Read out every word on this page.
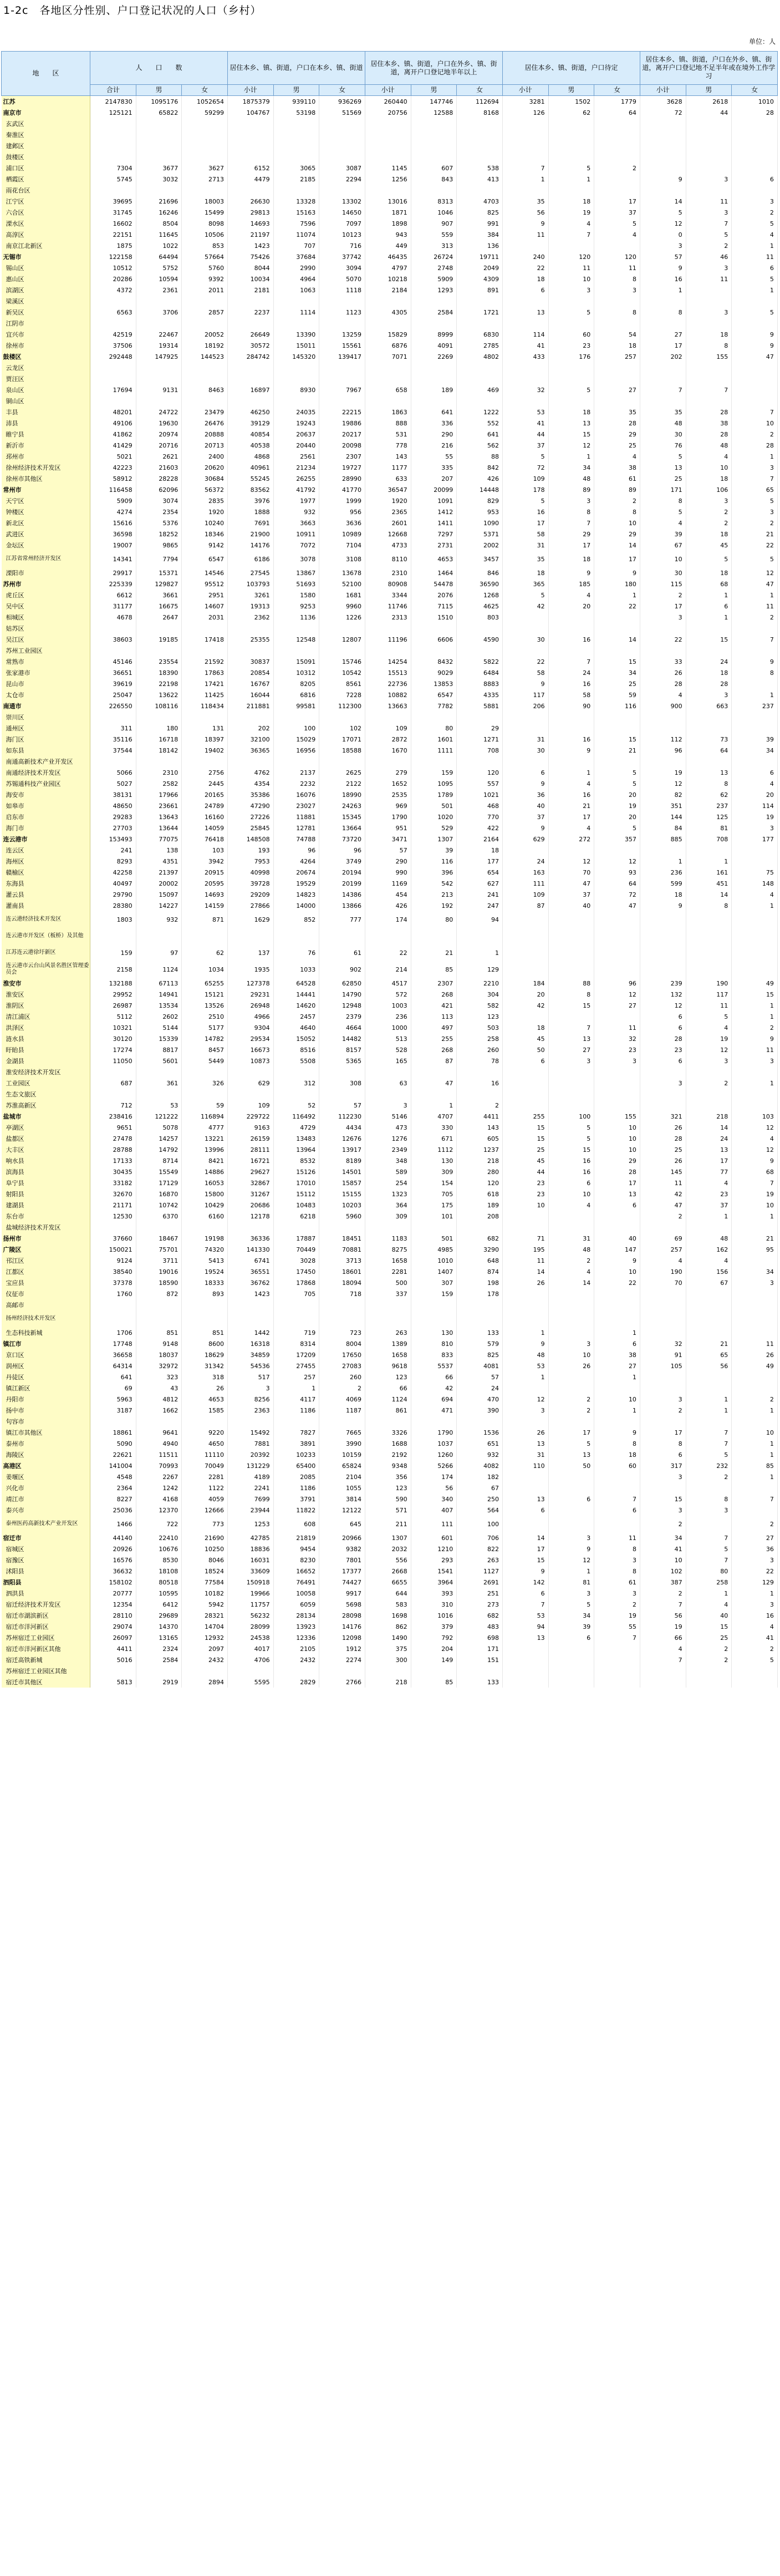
1-2c　各地区分性别、户口登记状况的人口（乡村）
单位：人
地　　区	人　　口　　数			居住本乡、镇、街道，户口在本乡、镇、街道			居住本乡、镇、街道，户口在外乡、镇、街道，离开户口登记地半年以上			居住本乡、镇、街道，户口待定			居住本乡、镇、街道，户口在外乡、镇、街道，离开户口登记地不足半年或在境外工作学习		

	合计	男	女	小计	男	女	小计	男	女	小计	男	女	小计	男	女
江苏	2147830	1095176	1052654	1875379	939110	936269	260440	147746	112694	3281	1502	1779	3628	2618	1010
南京市	125121	65822	59299	104767	53198	51569	20756	12588	8168	126	62	64	72	44	28
玄武区															
秦淮区															
建邺区															
鼓楼区															
浦口区	7304	3677	3627	6152	3065	3087	1145	607	538	7	5	2			
栖霞区	5745	3032	2713	4479	2185	2294	1256	843	413	1	1		9	3	6
雨花台区															
江宁区	39695	21696	18003	26630	13328	13302	13016	8313	4703	35	18	17	14	11	3
六合区	31745	16246	15499	29813	15163	14650	1871	1046	825	56	19	37	5	3	2
溧水区	16602	8504	8098	14693	7596	7097	1898	907	991	9	4	5	12	7	5
高淳区	22151	11645	10506	21197	11074	10123	943	559	384	11	7	4	0	5	4
南京江北新区	1875	1022	853	1423	707	716	449	313	136				3	2	1
无锡市	122158	64494	57664	75426	37684	37742	46435	26724	19711	240	120	120	57	46	11
锡山区	10512	5752	5760	8044	2990	3094	4797	2748	2049	22	11	11	9	3	6
惠山区	20286	10594	9392	10034	4964	5070	10218	5909	4309	18	10	8	16	11	5
滨湖区	4372	2361	2011	2181	1063	1118	2184	1293	891	6	3	3	1		1
梁溪区															
新吴区	6563	3706	2857	2237	1114	1123	4305	2584	1721	13	5	8	8	3	5
江阴市															
宜兴市	42519	22467	20052	26649	13390	13259	15829	8999	6830	114	60	54	27	18	9
徐州市	37506	19314	18192	30572	15011	15561	6876	4091	2785	41	23	18	17	8	9
鼓楼区	292448	147925	144523	284742	145320	139417	7071	2269	4802	433	176	257	202	155	47
云龙区															
贾汪区															
泉山区	17694	9131	8463	16897	8930	7967	658	189	469	32	5	27	7	7	
铜山区															
丰县	48201	24722	23479	46250	24035	22215	1863	641	1222	53	18	35	35	28	7
沛县	49106	19630	26476	39129	19243	19886	888	336	552	41	13	28	48	38	10
睢宁县	41862	20974	20888	40854	20637	20217	531	290	641	44	15	29	30	28	2
新沂市	41429	20716	20713	40538	20440	20098	778	216	562	37	12	25	76	48	28
邳州市	5021	2621	2400	4868	2561	2307	143	55	88	5	1	4	5	4	1
徐州经济技术开发区	42223	21603	20620	40961	21234	19727	1177	335	842	72	34	38	13	10	3
徐州市其他区	58912	28228	30684	55245	26255	28990	633	207	426	109	48	61	25	18	7
常州市	116458	62096	56372	83562	41792	41770	36547	20099	14448	178	89	89	171	106	65
天宁区	5909	3074	2835	3976	1977	1999	1920	1091	829	5	3	2	8	3	5
钟楼区	4274	2354	1920	1888	932	956	2365	1412	953	16	8	8	5	2	3
新北区	15616	5376	10240	7691	3663	3636	2601	1411	1090	17	7	10	4	2	2
武进区	36598	18252	18346	21900	10911	10989	12668	7297	5371	58	29	29	39	18	21
金坛区	19007	9865	9142	14176	7072	7104	4733	2731	2002	31	17	14	67	45	22
江苏省常州经济开发区	14341	7794	6547	6186	3078	3108	8110	4653	3457	35	18	17	10	5	5
溧阳市	29917	15371	14546	27545	13867	13678	2310	1464	846	18	9	9	30	18	12
苏州市	225339	129827	95512	103793	51693	52100	80908	54478	36590	365	185	180	115	68	47
虎丘区	6612	3661	2951	3261	1580	1681	3344	2076	1268	5	4	1	2	1	1
吴中区	31177	16675	14607	19313	9253	9960	11746	7115	4625	42	20	22	17	6	11
相城区	4678	2647	2031	2362	1136	1226	2313	1510	803				3	1	2
姑苏区															
吴江区	38603	19185	17418	25355	12548	12807	11196	6606	4590	30	16	14	22	15	7
苏州工业园区															
常熟市	45146	23554	21592	30837	15091	15746	14254	8432	5822	22	7	15	33	24	9
张家港市	36651	18390	17863	20854	10312	10542	15513	9029	6484	58	24	34	26	18	8
昆山市	39619	22198	17421	16767	8205	8561	22736	13853	8883	9	16	25	28	28	
太仓市	25047	13622	11425	16044	6816	7228	10882	6547	4335	117	58	59	4	3	1
南通市	226550	108116	118434	211881	99581	112300	13663	7782	5881	206	90	116	900	663	237
崇川区															
通州区	311	180	131	202	100	102	109	80	29						
海门区	35116	16718	18397	32100	15029	17071	2872	1601	1271	31	16	15	112	73	39
如东县	37544	18142	19402	36365	16956	18588	1670	1111	708	30	9	21	96	64	34
南通高新技术产业开发区															
南通经济技术开发区	5066	2310	2756	4762	2137	2625	279	159	120	6	1	5	19	13	6
苏锡通科技产业园区	5027	2582	2445	4354	2232	2122	1652	1095	557	9	4	5	12	8	4
海安市	38131	17966	20165	35386	16076	18990	2535	1789	1021	36	16	20	82	62	20
如皋市	48650	23661	24789	47290	23027	24263	969	501	468	40	21	19	351	237	114
启东市	29283	13643	16160	27226	11881	15345	1790	1020	770	37	17	20	144	125	19
海门市	27703	13644	14059	25845	12781	13664	951	529	422	9	4	5	84	81	3
连云港市	153493	77075	76418	148508	74788	73720	3471	1307	2164	629	272	357	885	708	177
连云区	241	138	103	193	96	96	57	39	18						
海州区	8293	4351	3942	7953	4264	3749	290	116	177	24	12	12	1	1	
赣榆区	42258	21397	20915	40998	20674	20194	990	396	654	163	70	93	236	161	75
东海县	40497	20002	20595	39728	19529	20199	1169	542	627	111	47	64	599	451	148
灌云县	29790	15097	14693	29209	14823	14386	454	213	241	109	37	72	18	14	4
灌南县	28380	14227	14159	27866	14000	13866	426	192	247	87	40	47	9	8	1
连云港经济技术开发区	1803	932	871	1629	852	777	174	80	94						
连云港市开发区（板桥）及其他															
江苏连云港徐圩新区	159	97	62	137	76	61	22	21	1						
连云港市云台山风景名胜区管理委员会	2158	1124	1034	1935	1033	902	214	85	129						
淮安市	132188	67113	65255	127378	64528	62850	4517	2307	2210	184	88	96	239	190	49
淮安区	29952	14941	15121	29231	14441	14790	572	268	304	20	8	12	132	117	15
淮阴区	26987	13534	13526	26948	14620	12948	1003	421	582	42	15	27	12	11	1
清江浦区	5112	2602	2510	4966	2457	2379	236	113	123				6	5	1
洪泽区	10321	5144	5177	9304	4640	4664	1000	497	503	18	7	11	6	4	2
涟水县	30120	15339	14782	29534	15052	14482	513	255	258	45	13	32	28	19	9
盱眙县	17274	8817	8457	16673	8516	8157	528	268	260	50	27	23	23	12	11
金湖县	11050	5601	5449	10873	5508	5365	165	87	78	6	3	3	6	3	3
淮安经济技术开发区															
工业园区	687	361	326	629	312	308	63	47	16				3	2	1
生态文旅区															
苏淮高新区	712	53	59	109	52	57	3	1	2						
盐城市	238416	121222	116894	229722	116492	112230	5146	4707	4411	255	100	155	321	218	103
亭湖区	9651	5078	4777	9163	4729	4434	473	330	143	15	5	10	26	14	12
盐都区	27478	14257	13221	26159	13483	12676	1276	671	605	15	5	10	28	24	4
大丰区	28788	14792	13996	28111	13964	13917	2349	1112	1237	25	15	10	25	13	12
响水县	17133	8714	8421	16721	8532	8189	348	130	218	45	16	29	26	17	9
滨海县	30435	15549	14886	29627	15126	14501	589	309	280	44	16	28	145	77	68
阜宁县	33182	17129	16053	32867	17010	15857	254	154	120	23	6	17	11	4	7
射阳县	32670	16870	15800	31267	15112	15155	1323	705	618	23	10	13	42	23	19
建湖县	21171	10742	10429	20686	10483	10203	364	175	189	10	4	6	47	37	10
东台市	12530	6370	6160	12178	6218	5960	309	101	208				2	1	1
盐城经济技术开发区															
扬州市	37660	18467	19198	36336	17887	18451	1183	501	682	71	31	40	69	48	21
广陵区	150021	75701	74320	141330	70449	70881	8275	4985	3290	195	48	147	257	162	95
邗江区	9124	3711	5413	6741	3028	3713	1658	1010	648	11	2	9	4	4	
江都区	38540	19016	19524	36551	17450	18601	2281	1407	874	14	4	10	190	156	34
宝应县	37378	18590	18333	36762	17868	18094	500	307	198	26	14	22	70	67	3
仪征市	1760	872	893	1423	705	718	337	159	178						
高邮市															
扬州经济技术开发区															
生态科技新城	1706	851	851	1442	719	723	263	130	133	1		1			
镇江市	17748	9148	8600	16318	8314	8004	1389	810	579	9	3	6	32	21	11
京口区	36658	18037	18629	34859	17209	17650	1658	833	825	48	10	38	91	65	26
润州区	64314	32972	31342	54536	27455	27083	9618	5537	4081	53	26	27	105	56	49
丹徒区	641	323	318	517	257	260	123	66	57	1		1			
镇江新区	69	43	26	3	1	2	66	42	24						
丹阳市	5963	4812	4653	8256	4117	4069	1124	694	470	12	2	10	3	1	2
扬中市	3187	1662	1585	2363	1186	1187	861	471	390	3	2	1	2	1	1
句容市															
镇江市其他区	18861	9641	9220	15492	7827	7665	3326	1790	1536	26	17	9	17	7	10
泰州市	5090	4940	4650	7881	3891	3990	1688	1037	651	13	5	8	8	7	1
海陵区	22621	11511	11110	20392	10233	10159	2192	1260	932	31	13	18	6	5	1
高港区	141004	70993	70049	131229	65400	65824	9348	5266	4082	110	50	60	317	232	85
姜堰区	4548	2267	2281	4189	2085	2104	356	174	182				3	2	1
兴化市	2364	1242	1122	2241	1186	1055	123	56	67						
靖江市	8227	4168	4059	7699	3791	3814	590	340	250	13	6	7	15	8	7
泰兴市	25036	12370	12666	23944	11822	12122	571	407	564	6		6	3	3	
泰州医药高新技术产业开发区	1466	722	773	1253	608	645	211	111	100				2		2
宿迁市	44140	22410	21690	42785	21819	20966	1307	601	706	14	3	11	34	7	27
宿城区	20926	10676	10250	18836	9454	9382	2032	1210	822	17	9	8	41	5	36
宿豫区	16576	8530	8046	16031	8230	7801	556	293	263	15	12	3	10	7	3
沭阳县	36632	18108	18524	33609	16652	17377	2668	1541	1127	9	1	8	102	80	22
泗阳县	158102	80518	77584	150918	76491	74427	6655	3964	2691	142	81	61	387	258	129
泗洪县	20777	10595	10182	19966	10058	9917	644	393	251	6	3	3	2	1	1
宿迁经济技术开发区	12354	6412	5942	11757	6059	5698	583	310	273	7	5	2	7	4	3
宿迁市湖滨新区	28110	29689	28321	56232	28134	28098	1698	1016	682	53	34	19	56	40	16
宿迁市洋河新区	29074	14370	14704	28099	13923	14176	862	379	483	94	39	55	19	15	4
苏州宿迁工业园区	26097	13165	12932	24538	12336	12098	1490	792	698	13	6	7	66	25	41
宿迁市洋河新区其他	4411	2324	2097	4017	2105	1912	375	204	171				4	2	2
宿迁高铁新城	5016	2584	2432	4706	2432	2274	300	149	151				7	2	5
苏州宿迁工业园区其他															
宿迁市其他区	5813	2919	2894	5595	2829	2766	218	85	133						
